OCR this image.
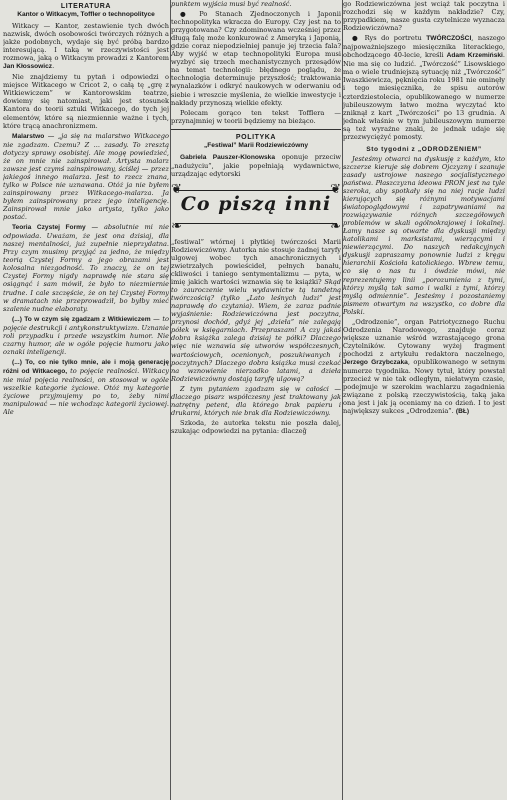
LITERATURA
Kantor o Witkacym, Toffler o technopolityce

Witkacy — Kantor, zestawienie tych dwóch nazwisk, dwóch osobowości twórczych różnych a jakże podobnych, wydaje się być próbą bardzo interesującą. I taką w rzeczywistości jest rozmowa, jaką o Witkacym prowadzi z Kantorem Jan Kłossowicz.

Nie znajdziemy tu pytań i odpowiedzi o miejsce Witkacego w Cricot 2, o całą tę „grę z Witkiewiczem” w Kantorowskim teatrze, dowiemy się natomiast, jaki jest stosunek Kantora do teorii sztuki Witkacego, do tych jej elementów, które są niezmiennie ważne i tych, które trącą anachronizmem.

Malarstwo — „ja się na malarstwo Witkacego nie zgadzam. Czemu? Z ... zasady. To zresztą dotyczy sprawy osobistej. Ale mogę powiedzieć, że on mnie nie zainspirował. Artysta malarz zawsze jest czymś zainspirowany, ściślej — przez jakiegoś innego malarza. Jest to rzecz znana, tylko w Polsce nie uznawana. Otóż ja nie byłem zainspirowany przez Witkacego-malarza. Ja byłem zainspirowany przez jego inteligencję. Zainspirował mnie jako artysta, tylko jako postać.

Teoria Czystej Formy — absolutnie mi nie odpowiada. Uważam, że jest ona dzisiaj, dla naszej mentalności, już zupełnie nieprzydatna. Przy czym musimy przyjąć za jedno, że między teorią Czystej Formy a jego obrazami jest kolosalna niezgodność. To znaczy, że on tej Czystej Formy nigdy naprawdę nie stara się osiągnąć i sam mówił, że było to niezmiernie trudne. I cale szczęście, że on tej Czystej Formy w dramatach nie przeprowadził, bo byłby mieć szalenie nudne elaboraty.

(...) To w czym się zgadzam z Witkiewiczem — to pojęcie destrukcji i antykonstruktywizm. Uznanie roli przypadku i przede wszystkim humor. Nie czarny humor, ale w ogóle pojęcie humoru jako oznaki inteligencji.

(...) To, co nie tylko mnie, ale i moją generację różni od Witkacego, to pojęcie realności. Witkacy nie miał pojęcia realności, on stosował w ogóle wszelkie kategorie życiowe. Otóż my kategorie życiowe przyjmujemy po to, żeby nimi manipulować — nie wchodząc kategorii życiowej. Ale

punktem wyjścia musi być realność.

● Po Stanach Zjednoczonych i Japonii technopolityka wkracza do Europy. Czy jest na to przygotowana? Czy zdominowana wcześniej przez długą falę może konkurować z Ameryką i Japonią, gdzie coraz niepodzielniej panuje jej trzecia fala? Aby wyjść w etap technopolityki Europa musi wyzbyć się trzech mechanistycznych przesądów na temat technologii: błędnego poglądu, że technologia determinuje przyszłość; traktowania wynalazków i odkryć naukowych w oderwaniu od siebie i wreszcie myślenia, że wielkie inwestycje i nakłady przynoszą wielkie efekty.

Polecam gorąco ten tekst Tofflera — przynajmniej w teorii będziemy na bieżąco.

POLITYKA
„Festiwal” Marii Rodziewiczówny

Gabriela Pauszer-Klonowska oponuje przeciw „nadużyciu”, jakie popełniają wydawnictwe, urządzając edytorski

❦	❦
❧	❧
Co piszą inni

„festiwal” wtórnej i płytkiej twórczości Marii Rodziewiczówny. Autorka nie stosuje żadnej taryfy ulgowej wobec tych anachronicznych i zwietrzałych powieścideł, pełnych banału, ckliwości i taniego sentymentalizmu — pyta, w imię jakich wartości wznawia się te książki? Skąd to zauroczenie wielu wydawnictw tą tandetną twórczością? (tylko „Lato leśnych ludzi” jest naprawdę do czytania). Wiem, że zaraz padnie wyjaśnienie: Rodziewiczówna jest poczytna, przynosi dochód, gdyż jej „dzieła” nie zalegają półek w księgarniach. Przepraszam! A czy jakaś dobra książka zalega dzisiaj te półki? Dlaczego więc nie wznawia się utworów współczesnych, wartościowych, ocenionych, poszukiwanych i poczytnych? Dlaczego dobra książka musi czekać na wznowienie nierzadko latami, a dzieła Rodziewiczówny dostają taryfę ulgową?

Z tym pytaniem zgadzam się w całości — dlaczego pisarz współczesny jest traktowany jak natrętny petent, dla którego brak papieru i drukarni, których nie brak dla Rodziewiczówny.

Szkoda, że autorka tekstu nie poszła dalej, szukając odpowiedzi na pytania: dlaczeĝ

go Rodziewiczówna jest wciąż tak poczytna i rozchodzi się w każdym nakładzie? Czy, przypadkiem, nasze gusta czytelnicze wyznacza Rodziewiczówna?

● Rys do portretu TWÓRCZOŚCI, naszego najpoważniejszego miesięcznika literackiego, obchodzącego 40-lecie, kreśli Adam Krzemiński. Nie ma się co ludzić. „Twórczość” Lisowskiego ma o wiele trudniejszą sytuację niż „Twórczość” Iwaszkiewicza, pęknięcia roku 1981 nie ominęły i tego miesięcznika, że spisu autorów czterdziestolecia, opublikowanego w numerze jubileuszowym łatwo można wyczytać kto zniknął z kart „Twórczości” po 13 grudnia. A jednak właśnie w tym jubileuszowym numerze są też wyraźne znaki, że jednak udaje się przezwyciężyć pomosty.

Sto tygodni z „ODRODZENIEM”

Jesteśmy otwarci na dyskusję z każdym, kto szczerze kieruje się dobrem Ojczyzny i szanuje zasady ustrojowe naszego socjalistycznego państwa. Płaszczyzna ideowa PRON jest na tyle szeroka, aby spotkały się na niej racje ludzi kierujących się różnymi motywacjami światopoglądowymi i zapatrywaniami na rozwiązywanie różnych szczegółowych problemów w skali ogólnokrajowej i lokalnej. Łamy nasze są otwarte dla dyskusji między katolikami i marksistami, wierzącymi i niewierzącymi. Do naszych redakcyjnych dyskusji zapraszamy ponownie ludzi z kręgu hierarchii Kościoła katolickiego. Wbrew temu, co się o nas tu i ówdzie mówi, nie reprezentujemy linii „porozumienia z tymi, którzy myślą tak samo i walki z tymi, którzy myślą odmiennie”. Jesteśmy i pozostaniemy pismem otwartym na wszystko, co dobre dla Polski.

„Odrodzenie”, organ Patriotycznego Ruchu Odrodzenia Narodowego, znajduje coraz większe uznanie wśród wzrastającego grona Czytelników. Cytowany wyżej fragment pochodzi z artykułu redaktora naczelnego, Jerzego Grzybczaka, opublikowanego w setnym numerze tygodnika. Nowy tytuł, który powstał przecież w nie tak odległym, niełatwym czasie, podejmuje w szerokim wachlarzu zagadnienia związane z polską rzeczywistością, taką jaka ona jest i jak ją oceniamy na co dzień. I to jest największy sukces „Odrodzenia”. (BŁ)
